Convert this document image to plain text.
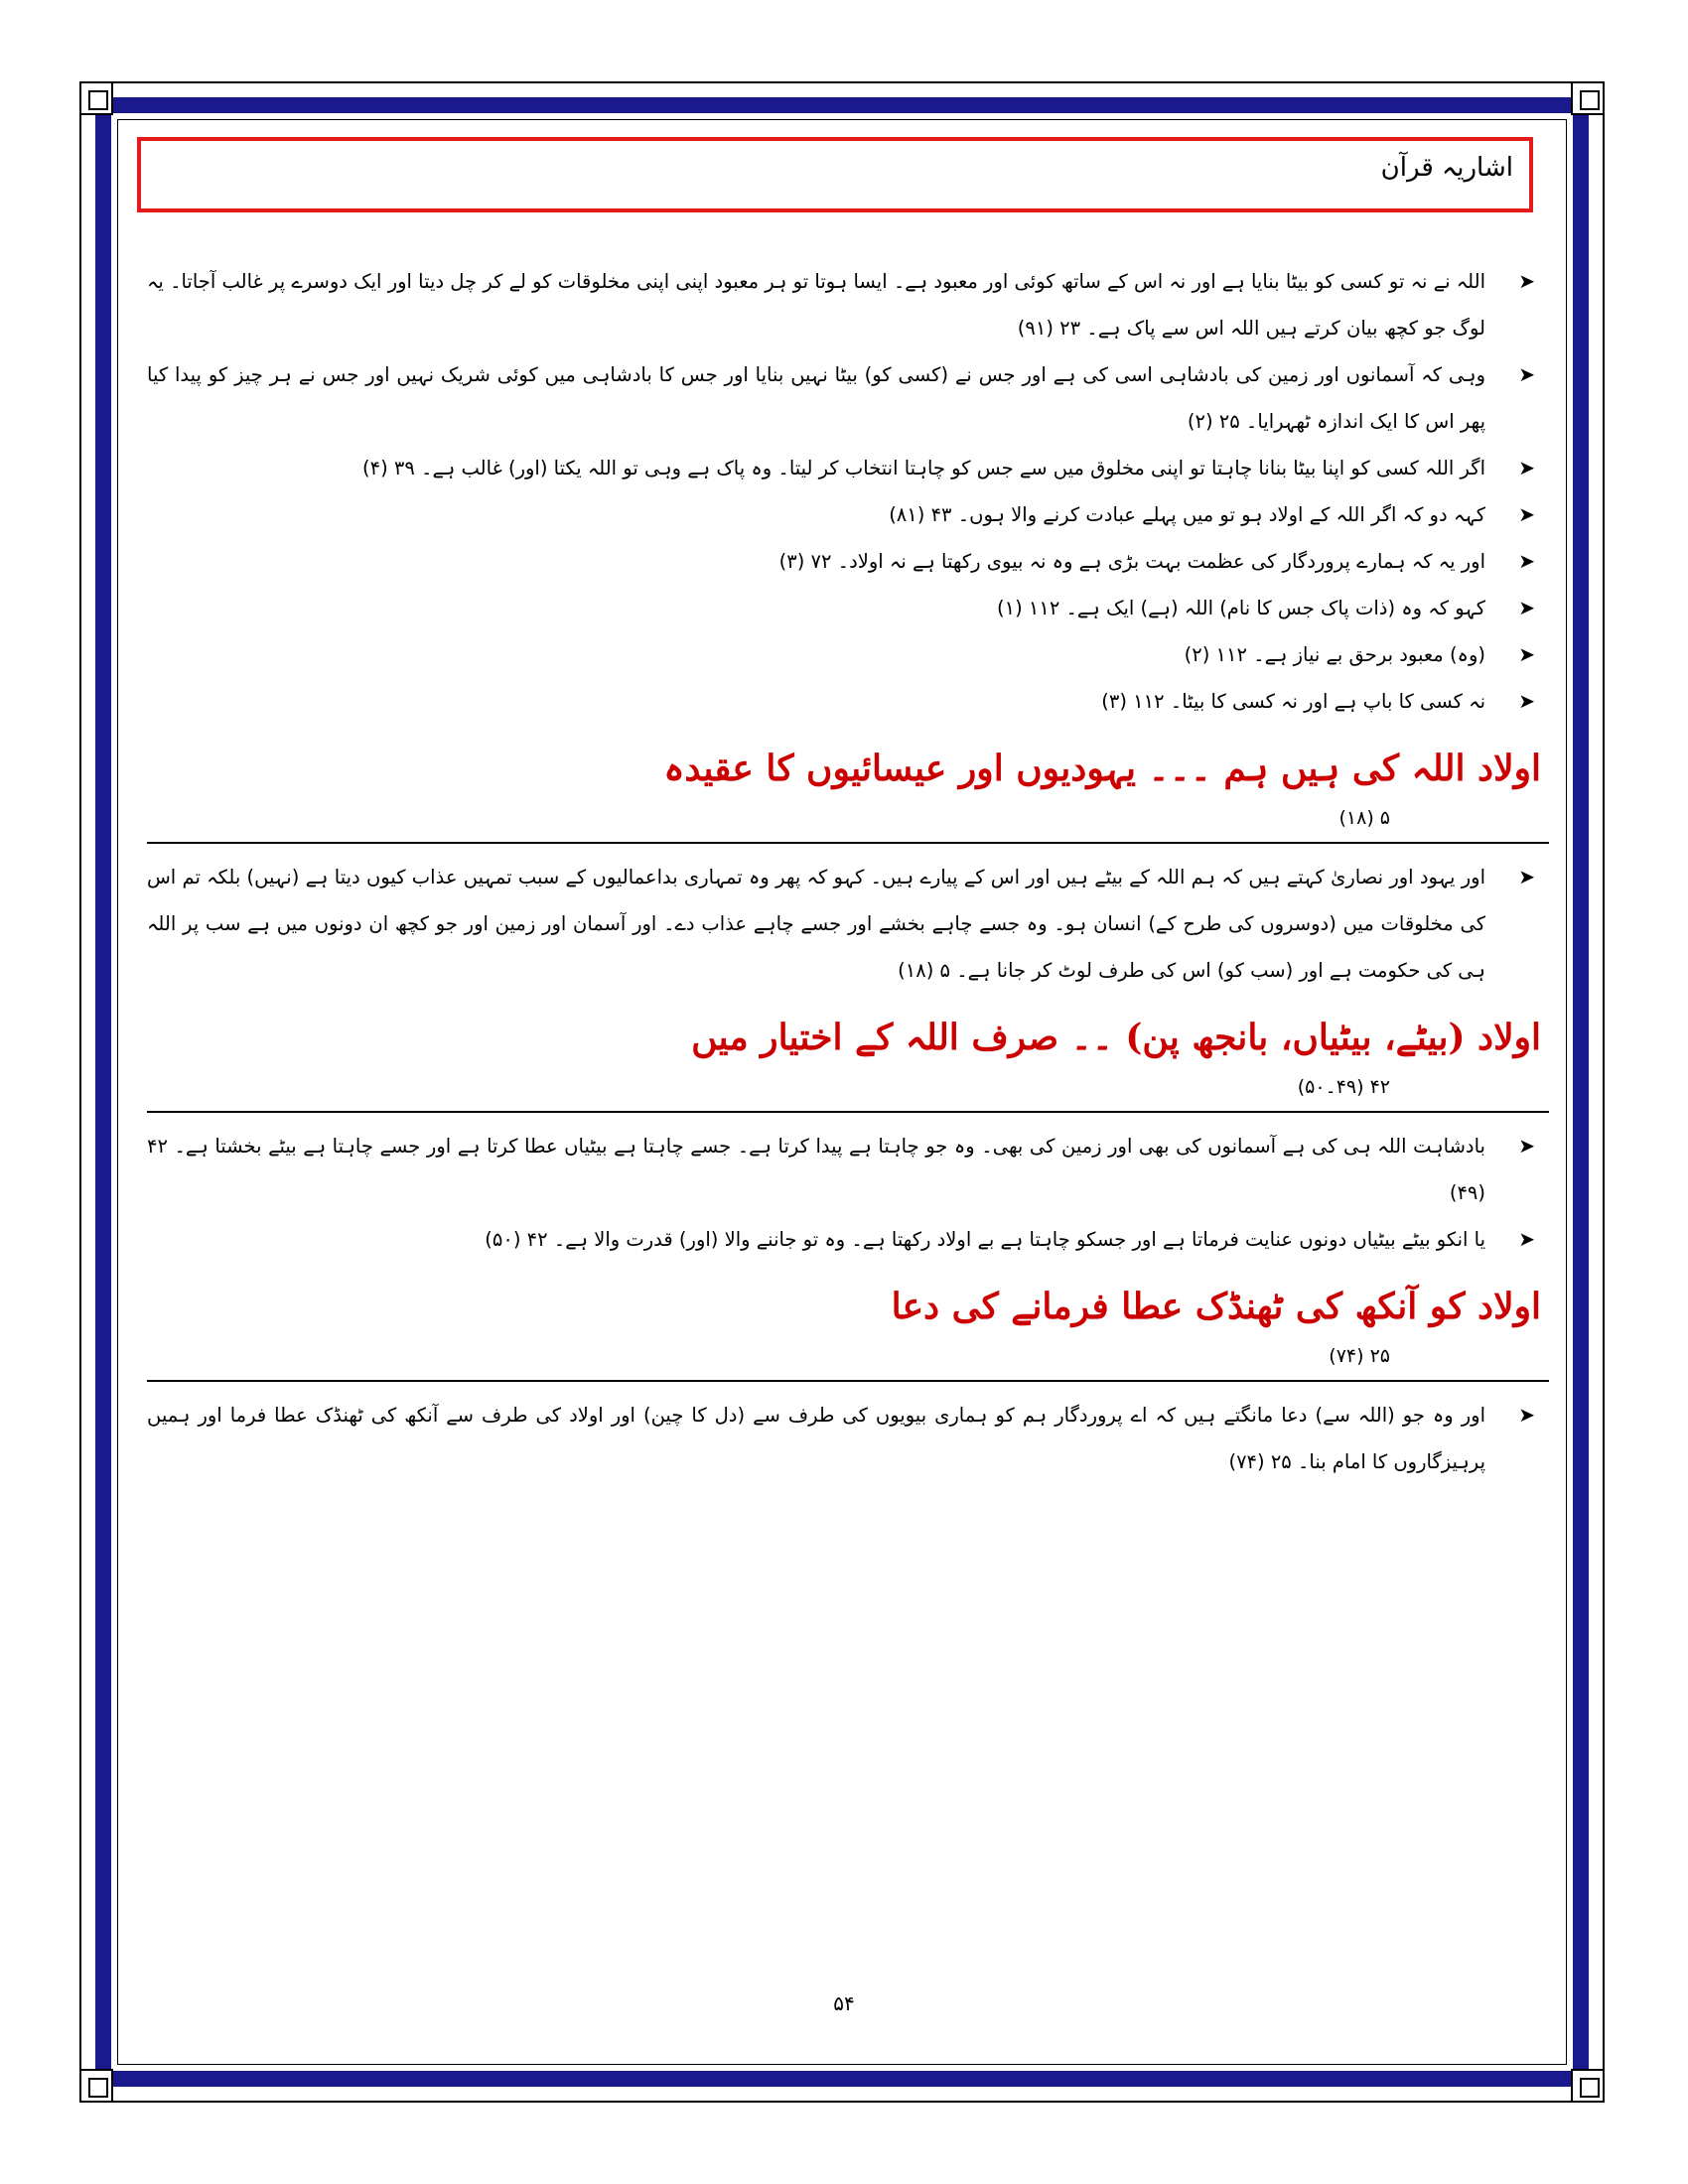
اشاریہ قرآن
➤
اللہ نے نہ تو کسی کو بیٹا بنایا ہے اور نہ اس کے ساتھ کوئی اور معبود ہے۔ ایسا ہوتا تو ہر معبود اپنی اپنی مخلوقات کو لے کر چل دیتا اور ایک دوسرے پر غالب آجاتا۔ یہ لوگ جو کچھ بیان کرتے ہیں اللہ اس سے پاک ہے۔ ۲۳ (۹۱)
➤
وہی کہ آسمانوں اور زمین کی بادشاہی اسی کی ہے اور جس نے (کسی کو) بیٹا نہیں بنایا اور جس کا بادشاہی میں کوئی شریک نہیں اور جس نے ہر چیز کو پیدا کیا پھر اس کا ایک اندازہ ٹھہرایا۔ ۲۵ (۲)
➤
اگر اللہ کسی کو اپنا بیٹا بنانا چاہتا تو اپنی مخلوق میں سے جس کو چاہتا انتخاب کر لیتا۔ وہ پاک ہے وہی تو اللہ یکتا (اور) غالب ہے۔ ۳۹ (۴)
➤
کہہ دو کہ اگر اللہ کے اولاد ہو تو میں پہلے عبادت کرنے والا ہوں۔ ۴۳ (۸۱)
➤
اور یہ کہ ہمارے پروردگار کی عظمت بہت بڑی ہے وہ نہ بیوی رکھتا ہے نہ اولاد۔ ۷۲ (۳)
➤
کہو کہ وہ (ذات پاک جس کا نام) اللہ (ہے) ایک ہے۔ ۱۱۲ (۱)
➤
(وہ) معبود برحق بے نیاز ہے۔ ۱۱۲ (۲)
➤
نہ کسی کا باپ ہے اور نہ کسی کا بیٹا۔ ۱۱۲ (۳)
اولاد اللہ کی ہیں ہم ۔۔۔ یہودیوں اور عیسائیوں کا عقیدہ
۵ (۱۸)
➤
اور یہود اور نصاریٰ کہتے ہیں کہ ہم اللہ کے بیٹے ہیں اور اس کے پیارے ہیں۔ کہو کہ پھر وہ تمہاری بداعمالیوں کے سبب تمہیں عذاب کیوں دیتا ہے (نہیں) بلکہ تم اس کی مخلوقات میں (دوسروں کی طرح کے) انسان ہو۔ وہ جسے چاہے بخشے اور جسے چاہے عذاب دے۔ اور آسمان اور زمین اور جو کچھ ان دونوں میں ہے سب پر اللہ ہی کی حکومت ہے اور (سب کو) اس کی طرف لوٹ کر جانا ہے۔ ۵ (۱۸)
اولاد (بیٹے، بیٹیاں، بانجھ پن) ۔۔ صرف اللہ کے اختیار میں
۴۲ (۴۹۔۵۰)
➤
بادشاہت اللہ ہی کی ہے آسمانوں کی بھی اور زمین کی بھی۔ وہ جو چاہتا ہے پیدا کرتا ہے۔ جسے چاہتا ہے بیٹیاں عطا کرتا ہے اور جسے چاہتا ہے بیٹے بخشتا ہے۔ ۴۲ (۴۹)
➤
یا انکو بیٹے بیٹیاں دونوں عنایت فرماتا ہے اور جسکو چاہتا ہے بے اولاد رکھتا ہے۔ وہ تو جاننے والا (اور) قدرت والا ہے۔ ۴۲ (۵۰)
اولاد کو آنکھ کی ٹھنڈک عطا فرمانے کی دعا
۲۵ (۷۴)
➤
اور وہ جو (اللہ سے) دعا مانگتے ہیں کہ اے پروردگار ہم کو ہماری بیویوں کی طرف سے (دل کا چین) اور اولاد کی طرف سے آنکھ کی ٹھنڈک عطا فرما اور ہمیں پرہیزگاروں کا امام بنا۔ ۲۵ (۷۴)
۵۴
